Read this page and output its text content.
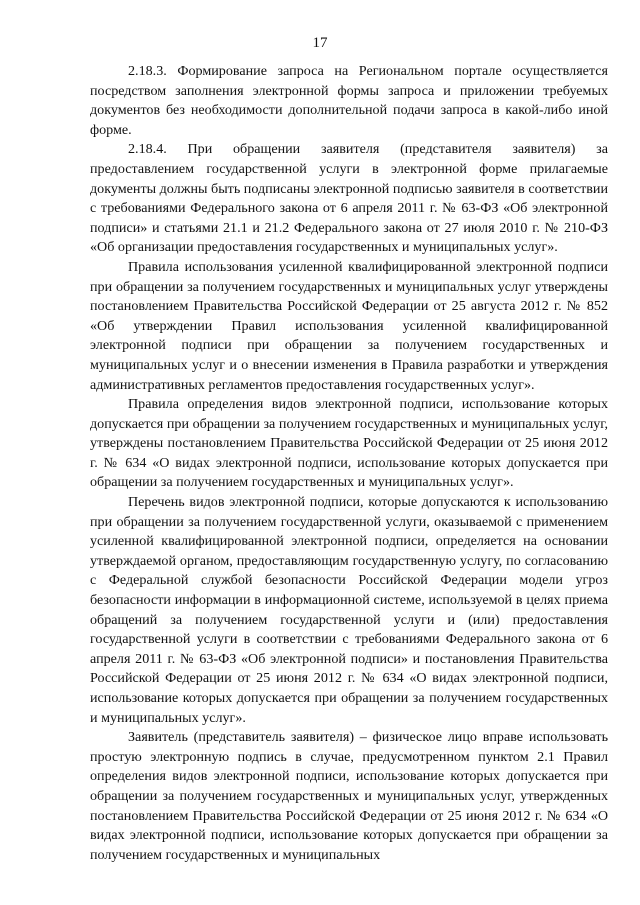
17

2.18.3. Формирование запроса на Региональном портале осуществляется посредством заполнения электронной формы запроса и приложении требуемых документов без необходимости дополнительной подачи запроса в какой-либо иной форме.

2.18.4. При обращении заявителя (представителя заявителя) за предоставлением государственной услуги в электронной форме прилагаемые документы должны быть подписаны электронной подписью заявителя в соответствии с требованиями Федерального закона от 6 апреля 2011 г. № 63-ФЗ «Об электронной подписи» и статьями 21.1 и 21.2 Федерального закона от 27 июля 2010 г. № 210-ФЗ «Об организации предоставления государственных и муниципальных услуг».

Правила использования усиленной квалифицированной электронной подписи при обращении за получением государственных и муниципальных услуг утверждены постановлением Правительства Российской Федерации от 25 августа 2012 г. № 852 «Об утверждении Правил использования усиленной квалифицированной электронной подписи при обращении за получением государственных и муниципальных услуг и о внесении изменения в Правила разработки и утверждения административных регламентов предоставления государственных услуг».

Правила определения видов электронной подписи, использование которых допускается при обращении за получением государственных и муниципальных услуг, утверждены постановлением Правительства Российской Федерации от 25 июня 2012 г. № 634 «О видах электронной подписи, использование которых допускается при обращении за получением государственных и муниципальных услуг».

Перечень видов электронной подписи, которые допускаются к использованию при обращении за получением государственной услуги, оказываемой с применением усиленной квалифицированной электронной подписи, определяется на основании утверждаемой органом, предоставляющим государственную услугу, по согласованию с Федеральной службой безопасности Российской Федерации модели угроз безопасности информации в информационной системе, используемой в целях приема обращений за получением государственной услуги и (или) предоставления государственной услуги в соответствии с требованиями Федерального закона от 6 апреля 2011 г. № 63-ФЗ «Об электронной подписи» и постановления Правительства Российской Федерации от 25 июня 2012 г. № 634 «О видах электронной подписи, использование которых допускается при обращении за получением государственных и муниципальных услуг».

Заявитель (представитель заявителя) – физическое лицо вправе использовать простую электронную подпись в случае, предусмотренном пунктом 2.1 Правил определения видов электронной подписи, использование которых допускается при обращении за получением государственных и муниципальных услуг, утвержденных постановлением Правительства Российской Федерации от 25 июня 2012 г. № 634 «О видах электронной подписи, использование которых допускается при обращении за получением государственных и муниципальных
